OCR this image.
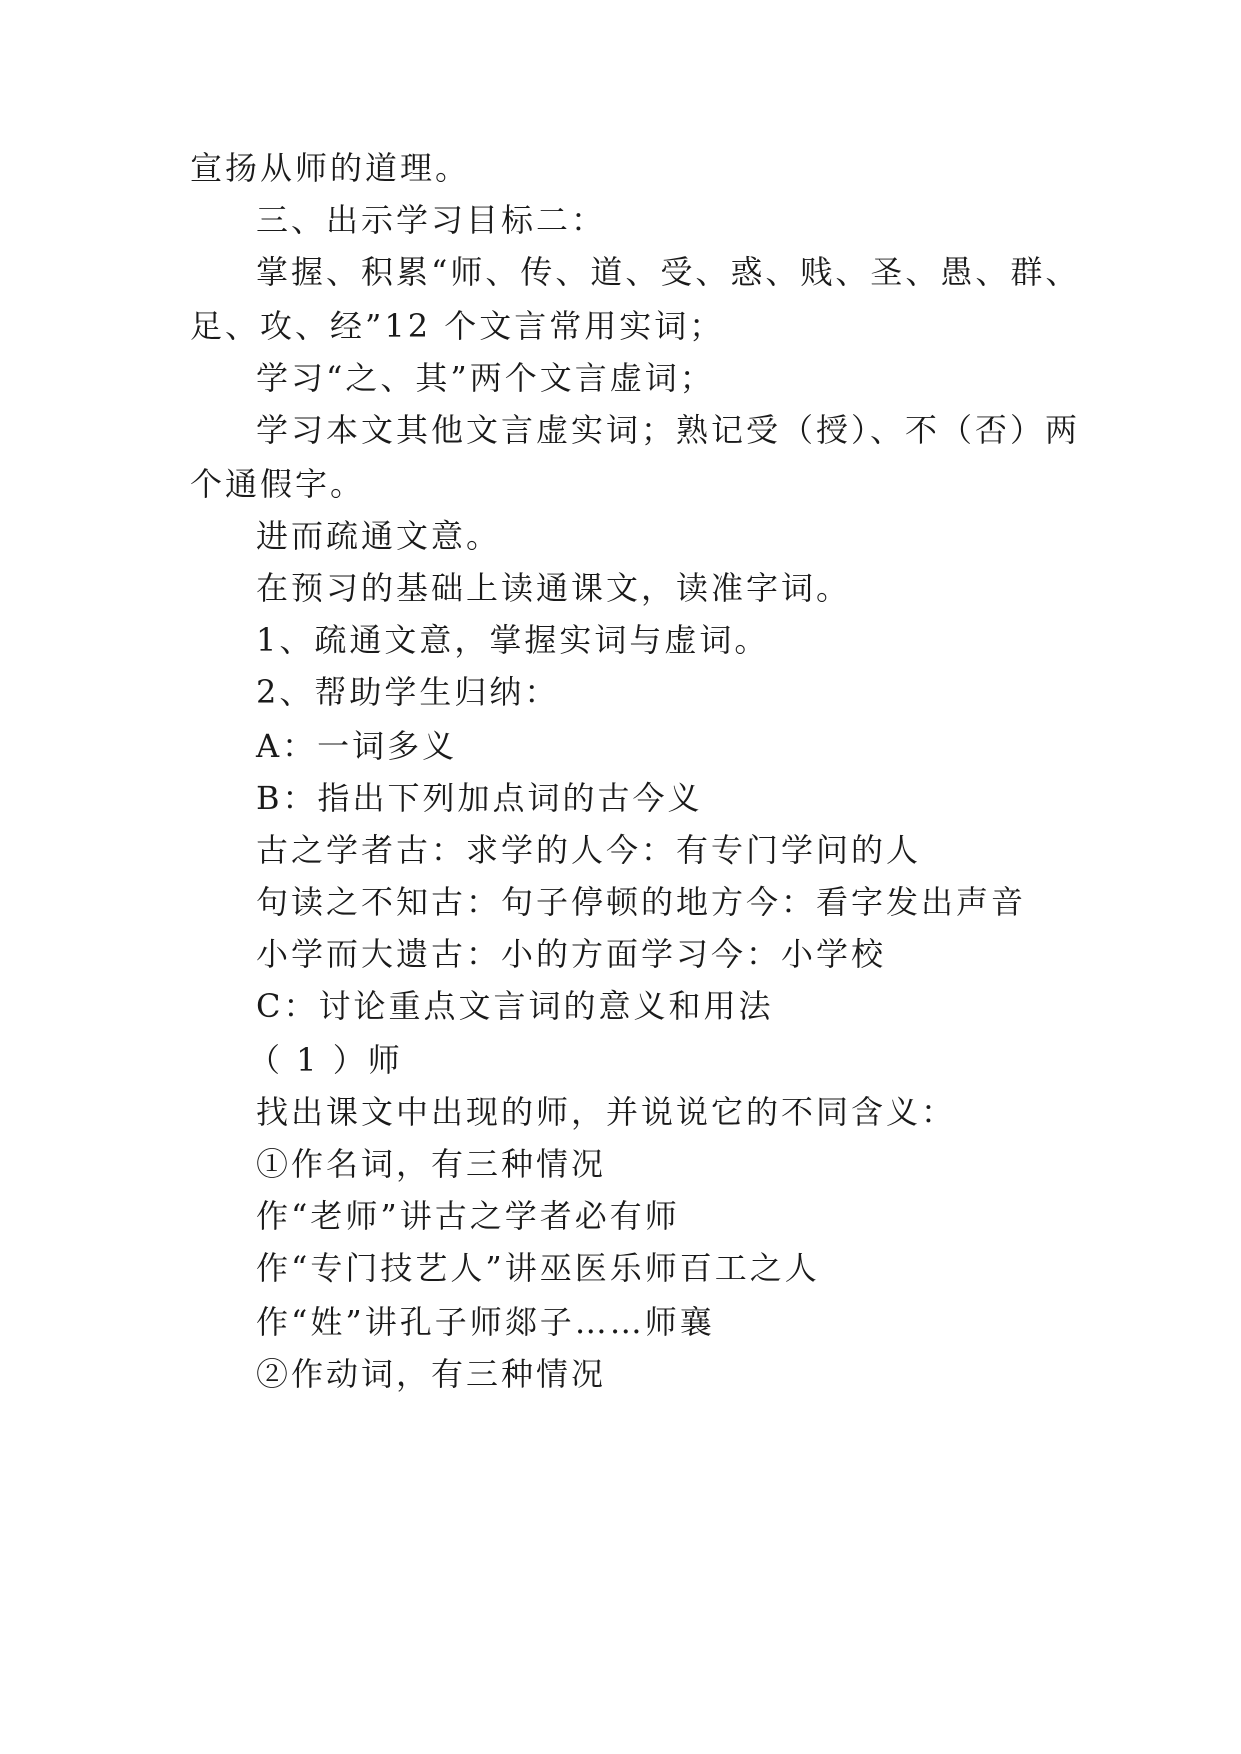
宣扬从师的道理。
三、出示学习目标二：
掌握、积累“师、传、道、受、惑、贱、圣、愚、群、
足、攻、经”12 个文言常用实词；
学习“之、其”两个文言虚词；
学习本文其他文言虚实词；熟记受（授）、不（否）两
个通假字。
进而疏通文意。
在预习的基础上读通课文，读准字词。
1、疏通文意，掌握实词与虚词。
2、帮助学生归纳：
A：一词多义
B：指出下列加点词的古今义
古之学者古：求学的人今：有专门学问的人
句读之不知古：句子停顿的地方今：看字发出声音
小学而大遗古：小的方面学习今：小学校
C：讨论重点文言词的意义和用法
（ 1 ）师
找出课文中出现的师，并说说它的不同含义：
①作名词，有三种情况
作“老师”讲古之学者必有师
作“专门技艺人”讲巫医乐师百工之人
作“姓”讲孔子师郯子……师襄
②作动词，有三种情况
